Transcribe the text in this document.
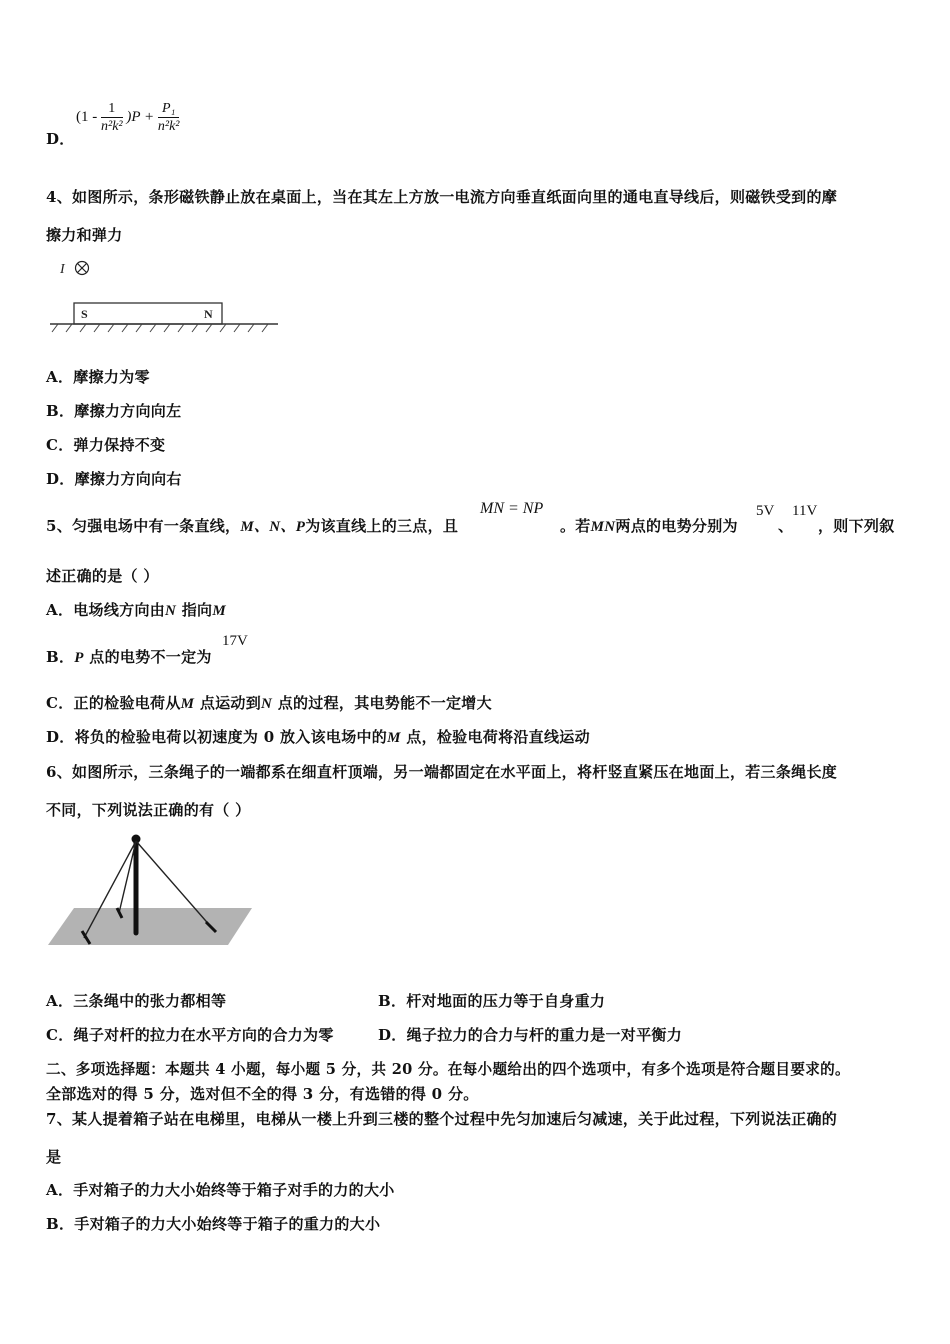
D．
$(1 - \frac{1}{\text{n²k²}} )P + \frac{\text{P₁}}{\text{n²k²}}$
4、如图所示，条形磁铁静止放在桌面上，当在其左上方放一电流方向垂直纸面向里的通电直导线后，则磁铁受到的摩
擦力和弹力
I
S	N
A．摩擦力为零
B．摩擦力方向向左
C．弹力保持不变
D．摩擦力方向向右
5、匀强电场中有一条直线，M、N、P为该直线上的三点，且
MN = NP
。若MN两点的电势分别为
5V
、
11V
，则下列叙
述正确的是（ ）
A．电场线方向由N 指向M
B．P 点的电势不一定为
17V
C．正的检验电荷从M 点运动到N 点的过程，其电势能不一定增大
D．将负的检验电荷以初速度为 0 放入该电场中的M 点，检验电荷将沿直线运动
6、如图所示，三条绳子的一端都系在细直杆顶端，另一端都固定在水平面上，将杆竖直紧压在地面上，若三条绳长度
不同，下列说法正确的有（ ）
A．三条绳中的张力都相等	B．杆对地面的压力等于自身重力
C．绳子对杆的拉力在水平方向的合力为零	D．绳子拉力的合力与杆的重力是一对平衡力
二、多项选择题：本题共 4 小题，每小题 5 分，共 20 分。在每小题给出的四个选项中，有多个选项是符合题目要求的。
全部选对的得 5 分，选对但不全的得 3 分，有选错的得 0 分。
7、某人提着箱子站在电梯里，电梯从一楼上升到三楼的整个过程中先匀加速后匀减速，关于此过程，下列说法正确的
是
A．手对箱子的力大小始终等于箱子对手的力的大小
B．手对箱子的力大小始终等于箱子的重力的大小
